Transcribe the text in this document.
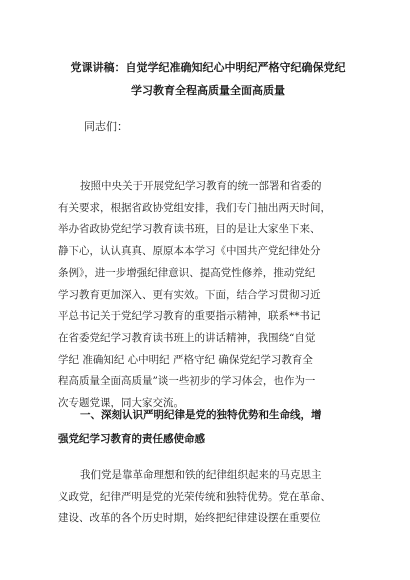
党课讲稿：自觉学纪准确知纪心中明纪严格守纪确保党纪
学习教育全程高质量全面高质量

同志们：

按照中央关于开展党纪学习教育的统一部署和省委的
有关要求，根据省政协党组安排，我们专门抽出两天时间，
举办省政协党纪学习教育读书班，目的是让大家坐下来、
静下心，认认真真、原原本本学习《中国共产党纪律处分
条例》，进一步增强纪律意识、提高党性修养，推动党纪
学习教育更加深入、更有实效。下面，结合学习贯彻习近
平总书记关于党纪学习教育的重要指示精神，联系**书记
在省委党纪学习教育读书班上的讲话精神，我围绕“自觉
学纪 准确知纪 心中明纪 严格守纪 确保党纪学习教育全
程高质量全面高质量”谈一些初步的学习体会，也作为一
次专题党课，同大家交流。
一、深刻认识严明纪律是党的独特优势和生命线，增
强党纪学习教育的责任感使命感
我们党是靠革命理想和铁的纪律组织起来的马克思主
义政党，纪律严明是党的光荣传统和独特优势。党在革命、
建设、改革的各个历史时期，始终把纪律建设摆在重要位
